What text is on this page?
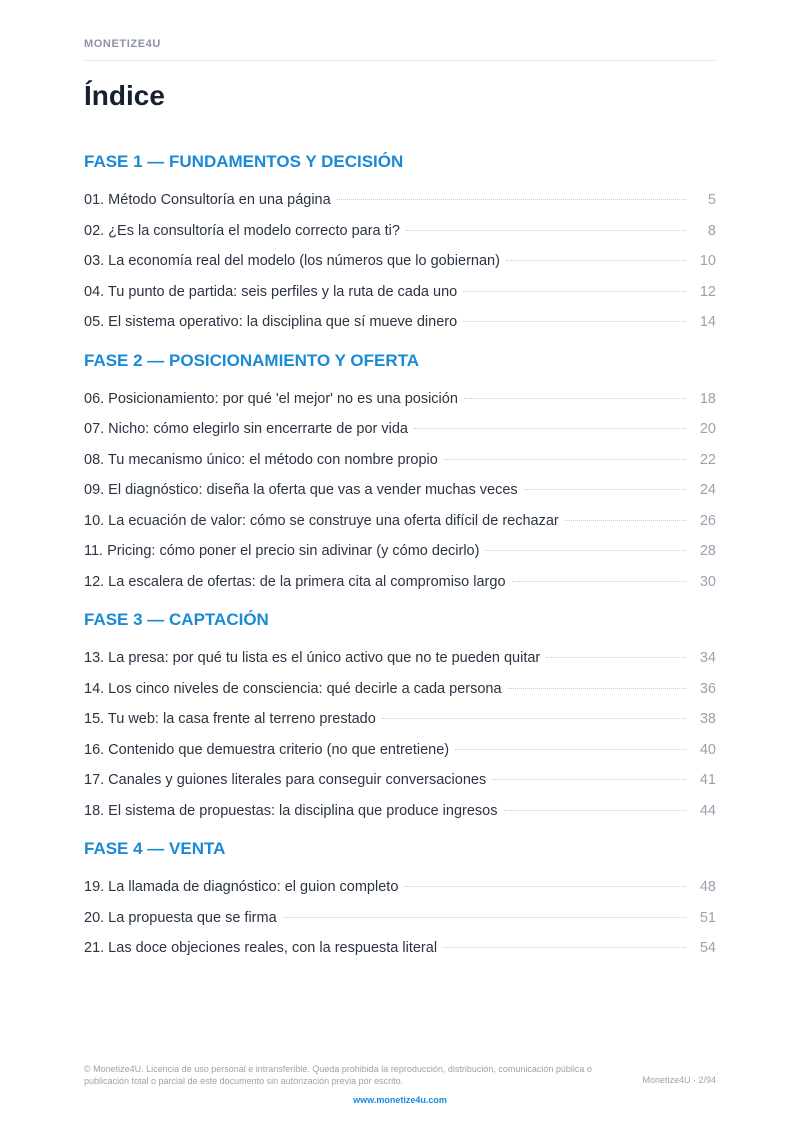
MONETIZE4U
Índice
FASE 1 — FUNDAMENTOS Y DECISIÓN
01. Método Consultoría en una página	5
02. ¿Es la consultoría el modelo correcto para ti?	8
03. La economía real del modelo (los números que lo gobiernan)	10
04. Tu punto de partida: seis perfiles y la ruta de cada uno	12
05. El sistema operativo: la disciplina que sí mueve dinero	14
FASE 2 — POSICIONAMIENTO Y OFERTA
06. Posicionamiento: por qué 'el mejor' no es una posición	18
07. Nicho: cómo elegirlo sin encerrarte de por vida	20
08. Tu mecanismo único: el método con nombre propio	22
09. El diagnóstico: diseña la oferta que vas a vender muchas veces	24
10. La ecuación de valor: cómo se construye una oferta difícil de rechazar	26
11. Pricing: cómo poner el precio sin adivinar (y cómo decirlo)	28
12. La escalera de ofertas: de la primera cita al compromiso largo	30
FASE 3 — CAPTACIÓN
13. La presa: por qué tu lista es el único activo que no te pueden quitar	34
14. Los cinco niveles de consciencia: qué decirle a cada persona	36
15. Tu web: la casa frente al terreno prestado	38
16. Contenido que demuestra criterio (no que entretiene)	40
17. Canales y guiones literales para conseguir conversaciones	41
18. El sistema de propuestas: la disciplina que produce ingresos	44
FASE 4 — VENTA
19. La llamada de diagnóstico: el guion completo	48
20. La propuesta que se firma	51
21. Las doce objeciones reales, con la respuesta literal	54
© Monetize4U. Licencia de uso personal e intransferible. Queda prohibida la reproducción, distribución, comunicación pública o publicación total o parcial de este documento sin autorización previa por escrito.	Monetize4U · 2/94
www.monetize4u.com
